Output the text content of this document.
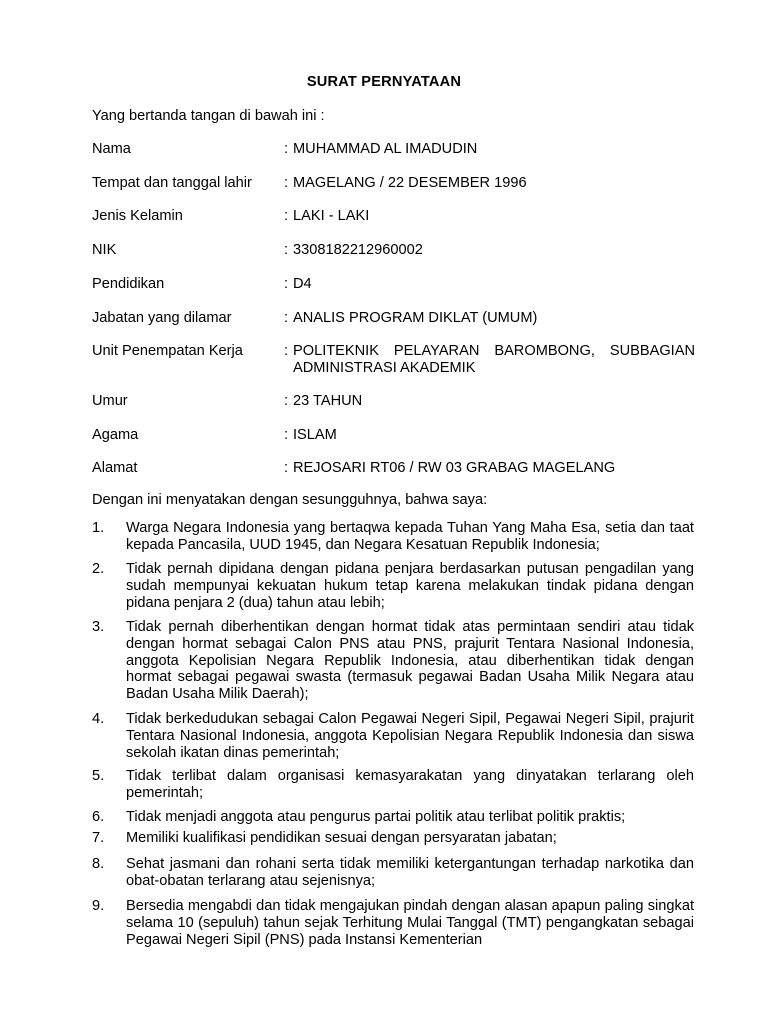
SURAT PERNYATAAN
Yang bertanda tangan di bawah ini :
Nama	: MUHAMMAD AL IMADUDIN
Tempat dan tanggal lahir : MAGELANG / 22 DESEMBER 1996
Jenis Kelamin	: LAKI - LAKI
NIK	: 3308182212960002
Pendidikan	: D4
Jabatan yang dilamar	: ANALIS PROGRAM DIKLAT (UMUM)
Unit Penempatan Kerja	: POLITEKNIK PELAYARAN BAROMBONG, SUBBAGIAN ADMINISTRASI AKADEMIK
Umur	: 23 TAHUN
Agama	: ISLAM
Alamat	: REJOSARI RT06 / RW 03 GRABAG MAGELANG
Dengan ini menyatakan dengan sesungguhnya, bahwa saya:
1. Warga Negara Indonesia yang bertaqwa kepada Tuhan Yang Maha Esa, setia dan taat kepada Pancasila, UUD 1945, dan Negara Kesatuan Republik Indonesia;
2. Tidak pernah dipidana dengan pidana penjara berdasarkan putusan pengadilan yang sudah mempunyai kekuatan hukum tetap karena melakukan tindak pidana dengan pidana penjara 2 (dua) tahun atau lebih;
3. Tidak pernah diberhentikan dengan hormat tidak atas permintaan sendiri atau tidak dengan hormat sebagai Calon PNS atau PNS, prajurit Tentara Nasional Indonesia, anggota Kepolisian Negara Republik Indonesia, atau diberhentikan tidak dengan hormat sebagai pegawai swasta (termasuk pegawai Badan Usaha Milik Negara atau Badan Usaha Milik Daerah);
4. Tidak berkedudukan sebagai Calon Pegawai Negeri Sipil, Pegawai Negeri Sipil, prajurit Tentara Nasional Indonesia, anggota Kepolisian Negara Republik Indonesia dan siswa sekolah ikatan dinas pemerintah;
5. Tidak terlibat dalam organisasi kemasyarakatan yang dinyatakan terlarang oleh pemerintah;
6. Tidak menjadi anggota atau pengurus partai politik atau terlibat politik praktis;
7. Memiliki kualifikasi pendidikan sesuai dengan persyaratan jabatan;
8. Sehat jasmani dan rohani serta tidak memiliki ketergantungan terhadap narkotika dan obat-obatan terlarang atau sejenisnya;
9. Bersedia mengabdi dan tidak mengajukan pindah dengan alasan apapun paling singkat selama 10 (sepuluh) tahun sejak Terhitung Mulai Tanggal (TMT) pengangkatan sebagai Pegawai Negeri Sipil (PNS) pada Instansi Kementerian
